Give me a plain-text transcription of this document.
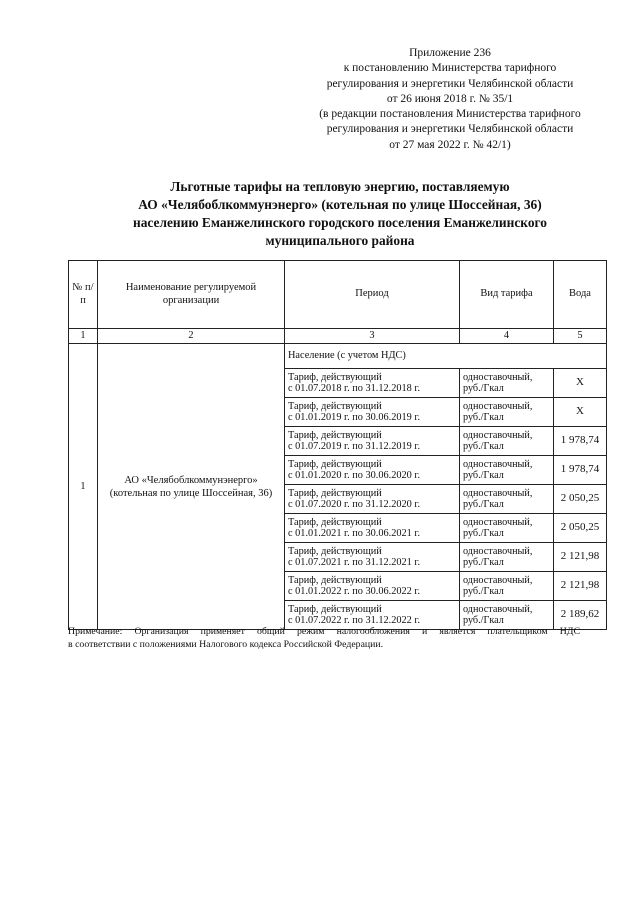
Приложение 236
к постановлению Министерства тарифного
регулирования и энергетики Челябинской области
от 26 июня 2018 г. № 35/1
(в редакции постановления Министерства тарифного
регулирования и энергетики Челябинской области
от 27 мая 2022 г. № 42/1)
Льготные тарифы на тепловую энергию, поставляемую
АО «Челябоблкоммунэнерго» (котельная по улице Шоссейная, 36)
населению Еманжелинского городского поселения Еманжелинского
муниципального района
№ п/п	Наименование регулируемой организации	Период	Вид тарифа	Вода
1	2	3	4	5
1	АО «Челябоблкоммунэнерго» (котельная по улице Шоссейная, 36)	Население (с учетом НДС)		
		Тариф, действующий
с 01.07.2018 г. по 31.12.2018 г.	одноставочный,
руб./Гкал	Х
		Тариф, действующий
с 01.01.2019 г. по 30.06.2019 г.	одноставочный,
руб./Гкал	Х
		Тариф, действующий
с 01.07.2019 г. по 31.12.2019 г.	одноставочный,
руб./Гкал	1 978,74
		Тариф, действующий
с 01.01.2020 г. по 30.06.2020 г.	одноставочный,
руб./Гкал	1 978,74
		Тариф, действующий
с 01.07.2020 г. по 31.12.2020 г.	одноставочный,
руб./Гкал	2 050,25
		Тариф, действующий
с 01.01.2021 г. по 30.06.2021 г.	одноставочный,
руб./Гкал	2 050,25
		Тариф, действующий
с 01.07.2021 г. по 31.12.2021 г.	одноставочный,
руб./Гкал	2 121,98
		Тариф, действующий
с 01.01.2022 г. по 30.06.2022 г.	одноставочный,
руб./Гкал	2 121,98
		Тариф, действующий
с 01.07.2022 г. по 31.12.2022 г.	одноставочный,
руб./Гкал	2 189,62
Примечание: Организация применяет общий режим налогообложения и является плательщиком НДС
в соответствии с положениями Налогового кодекса Российской Федерации.
